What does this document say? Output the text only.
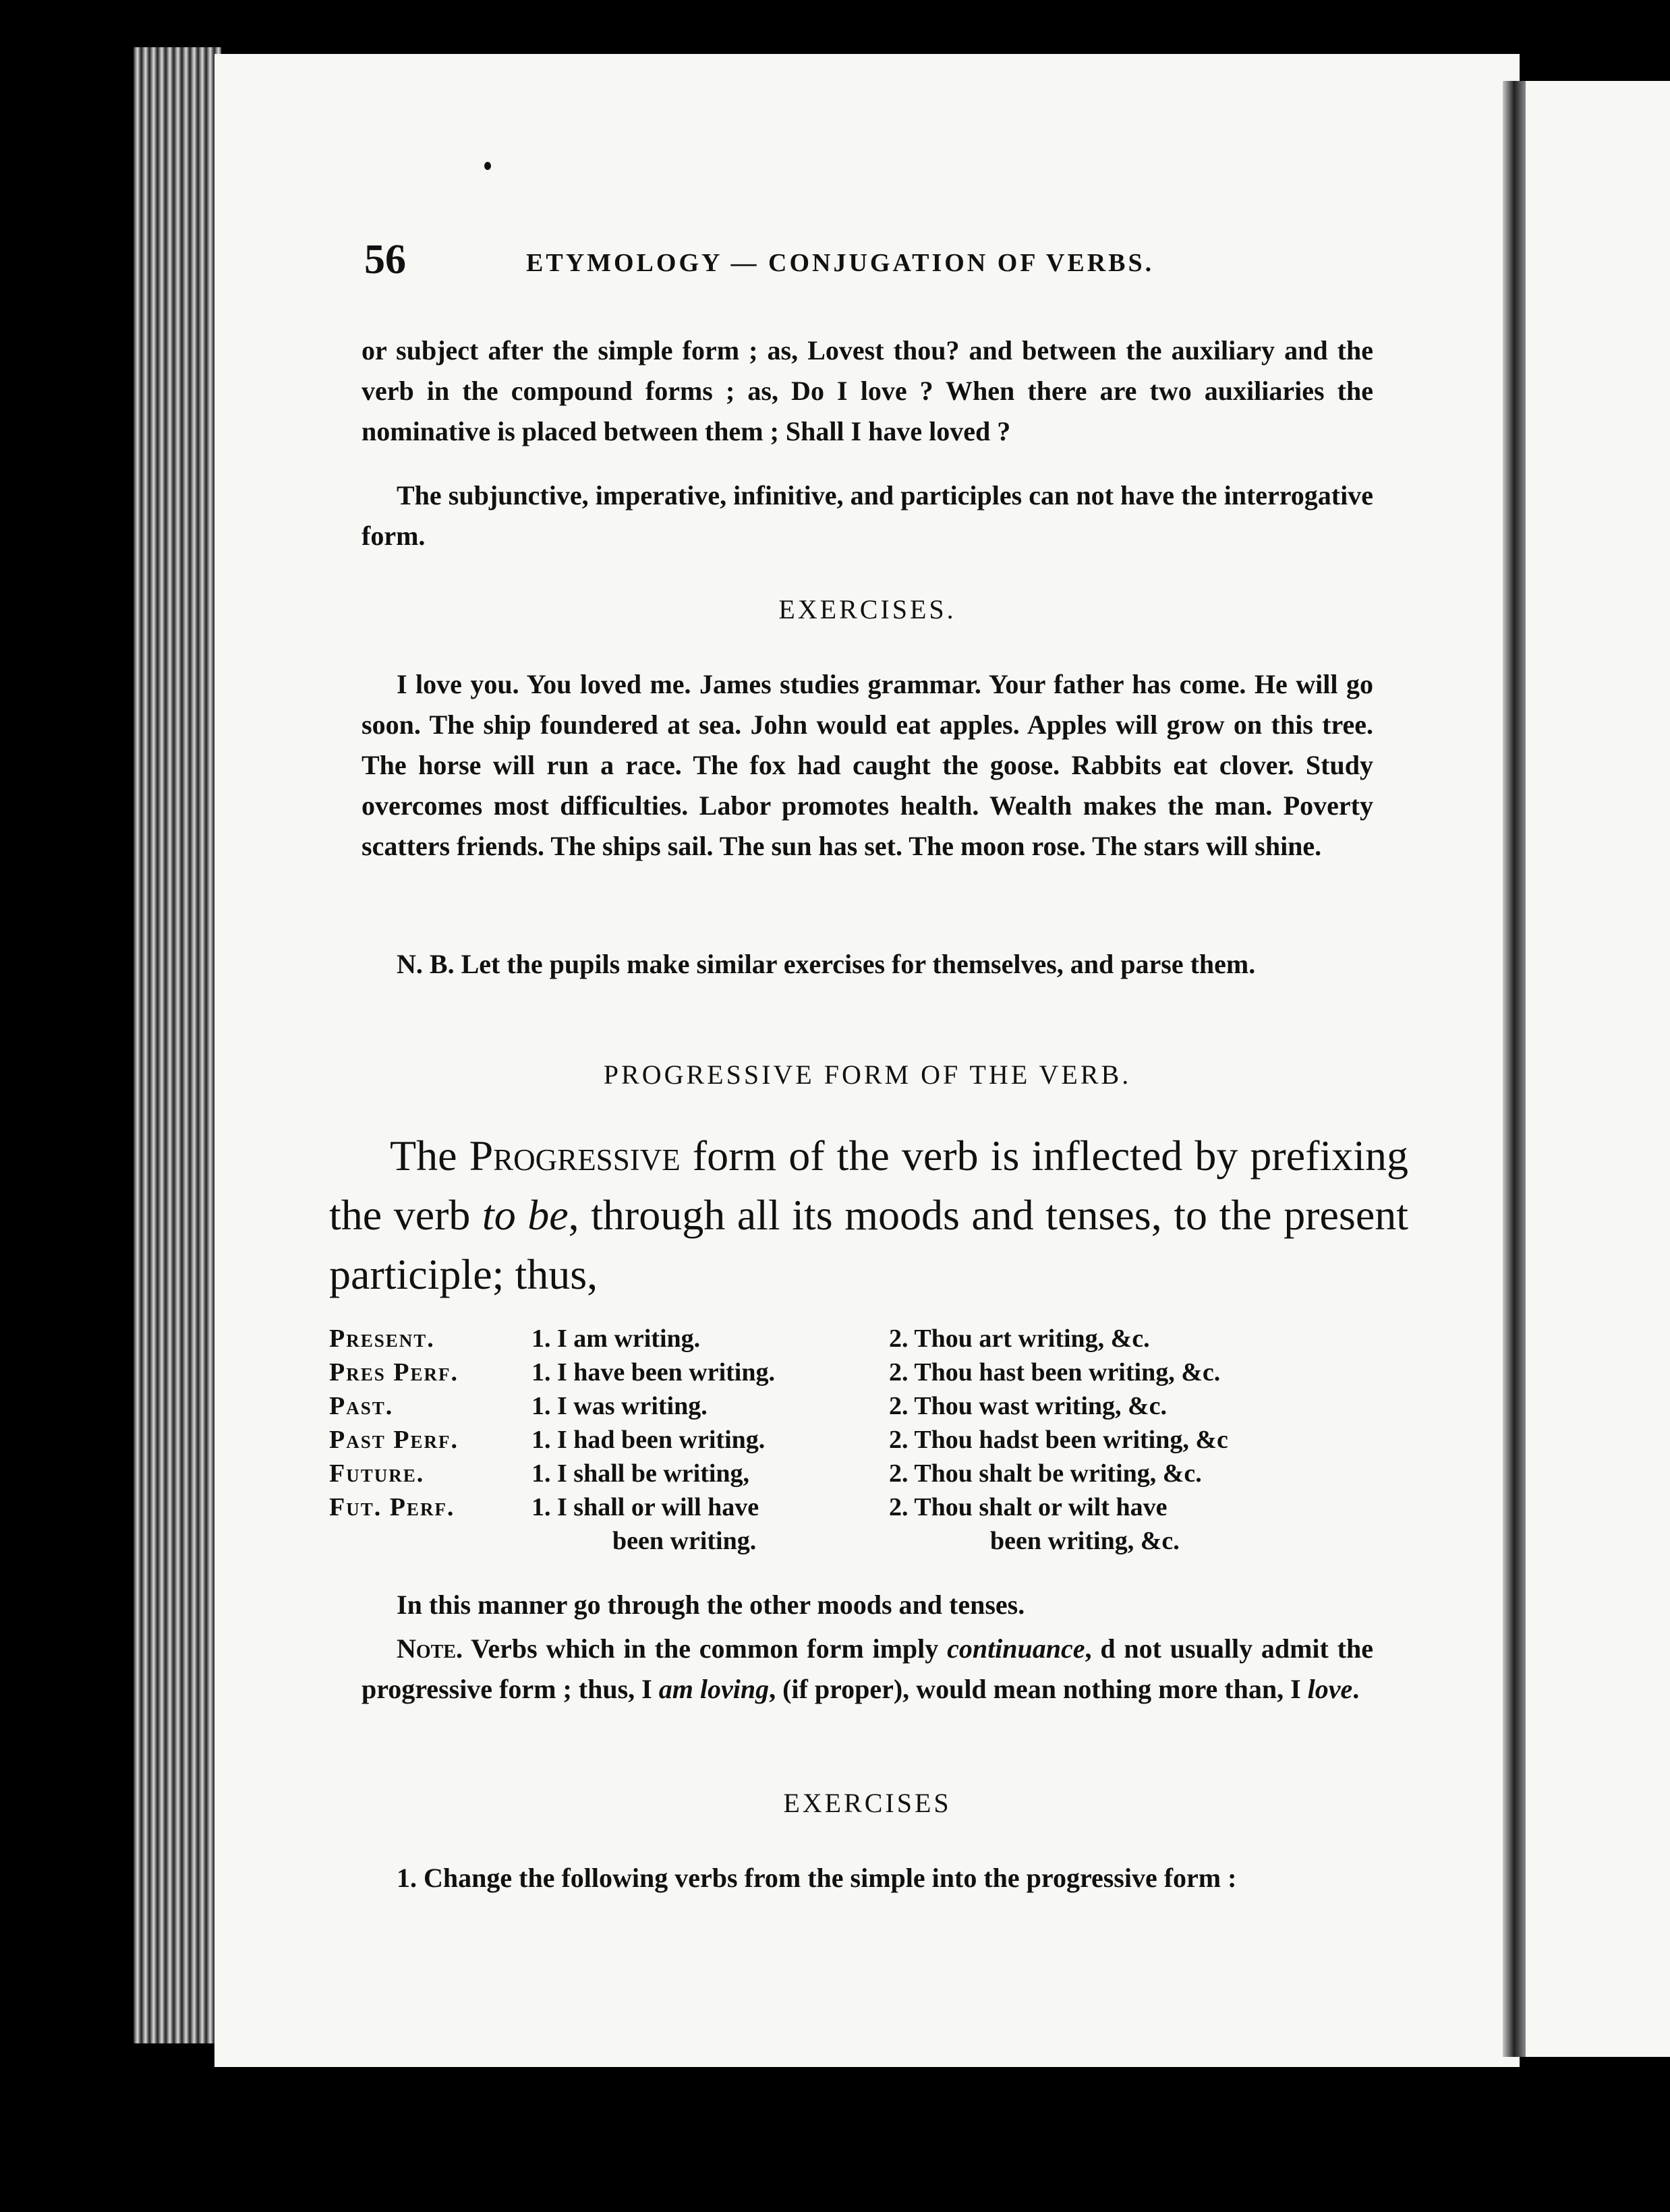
56	ETYMOLOGY — CONJUGATION OF VERBS.
or subject after the simple form ; as, Lovest thou? and between the auxiliary and the verb in the compound forms ; as, Do I love ? When there are two auxiliaries the nominative is placed between them ; Shall I have loved ?
The subjunctive, imperative, infinitive, and participles can not have the interrogative form.
EXERCISES.
I love you. You loved me. James studies grammar. Your father has come. He will go soon. The ship foundered at sea. John would eat apples. Apples will grow on this tree. The horse will run a race. The fox had caught the goose. Rabbits eat clover. Study overcomes most difficulties. Labor promotes health. Wealth makes the man. Poverty scatters friends. The ships sail. The sun has set. The moon rose. The stars will shine.
N. B. Let the pupils make similar exercises for themselves, and parse them.
PROGRESSIVE FORM OF THE VERB.
The Progressive form of the verb is inflected by prefixing the verb to be, through all its moods and tenses, to the present participle; thus,
Present.	1. I am writing.	2. Thou art writing, &c.
Pres Perf.	1. I have been writing.	2. Thou hast been writing, &c.
Past.	1. I was writing.	2. Thou wast writing, &c.
Past Perf.	1. I had been writing.	2. Thou hadst been writing, &c
Future.	1. I shall be writing,	2. Thou shalt be writing, &c.
Fut. Perf.	1. I shall or will have	2. Thou shalt or wilt have
been writing.	been writing, &c.
In this manner go through the other moods and tenses.
Note. Verbs which in the common form imply continuance, d not usually admit the progressive form ; thus, I am loving, (if proper), would mean nothing more than, I love.
EXERCISES
1. Change the following verbs from the simple into the progressive form :
